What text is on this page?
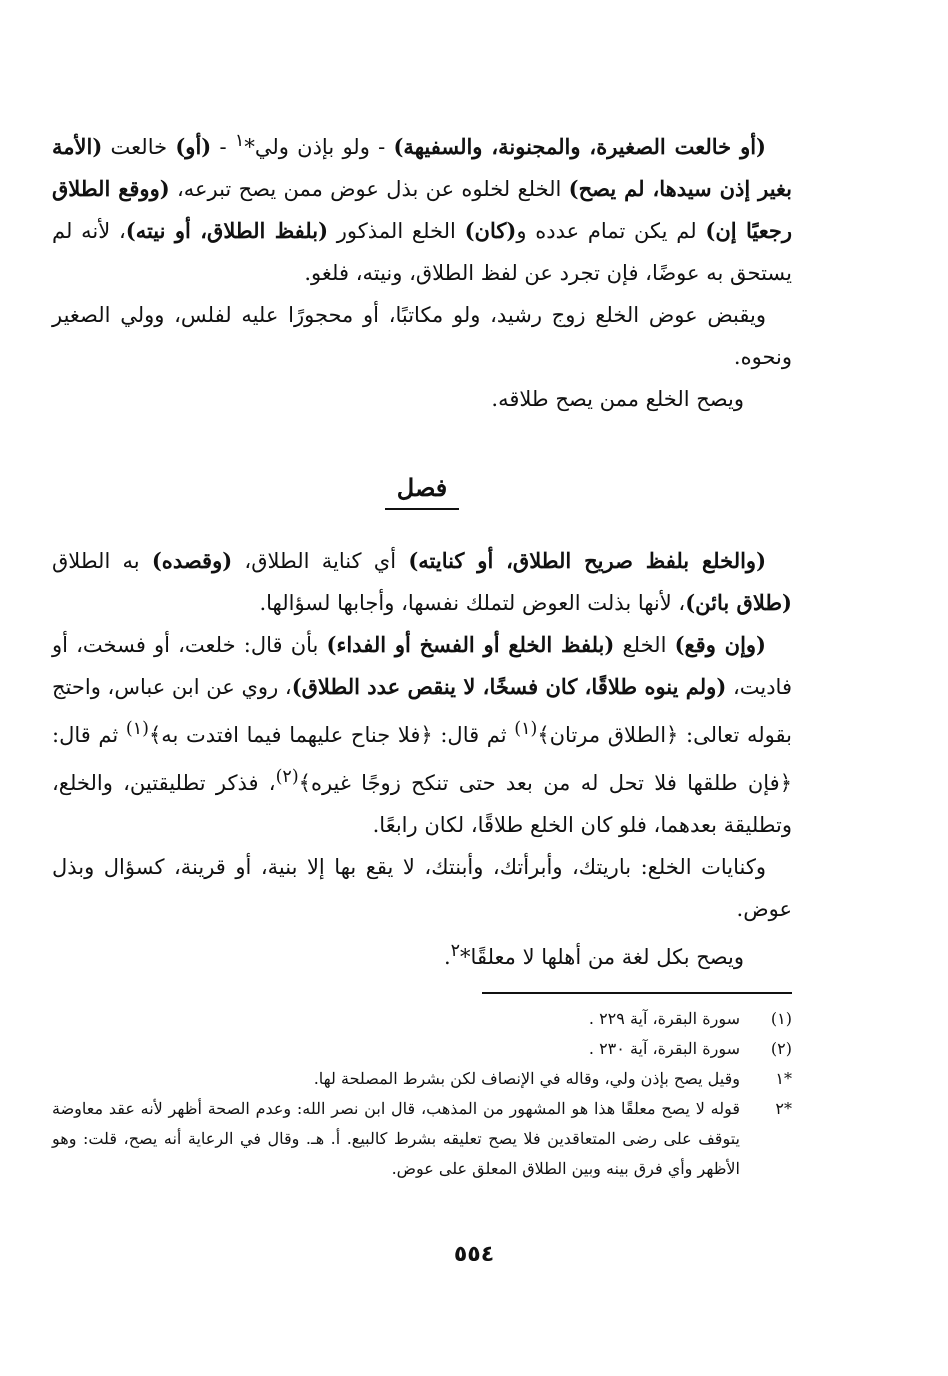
(أو خالعت الصغيرة، والمجنونة، والسفيهة) - ولو بإذن ولي*$^١$ - (أو) خالعت (الأمة بغير إذن سيدها، لم يصح) الخلع لخلوه عن بذل عوض ممن يصح تبرعه، (ووقع الطلاق رجعيًا إن) لم يكن تمام عدده و(كان) الخلع المذكور (بلفظ الطلاق، أو نيته)، لأنه لم يستحق به عوضًا، فإن تجرد عن لفظ الطلاق، ونيته، فلغو.

ويقبض عوض الخلع زوج رشيد، ولو مكاتبًا، أو محجورًا عليه لفلس، وولي الصغير ونحوه.

ويصح الخلع ممن يصح طلاقه.

فصل

(والخلع بلفظ صريح الطلاق، أو كنايته) أي كناية الطلاق، (وقصده) به الطلاق (طلاق بائن)، لأنها بذلت العوض لتملك نفسها، وأجابها لسؤالها.

(وإن وقع) الخلع (بلفظ الخلع أو الفسخ أو الفداء) بأن قال: خلعت، أو فسخت، أو فاديت، (ولم ينوه طلاقًا، كان فسخًا، لا ينقص عدد الطلاق)، روي عن ابن عباس، واحتج بقوله تعالى: ﴿الطلاق مرتان﴾$^{(١)}$ ثم قال: ﴿فلا جناح عليهما فيما افتدت به﴾$^{(١)}$ ثم قال: ﴿فإن طلقها فلا تحل له من بعد حتى تنكح زوجًا غيره﴾$^{(٢)}$، فذكر تطليقتين، والخلع، وتطليقة بعدهما، فلو كان الخلع طلاقًا، لكان رابعًا.

وكنايات الخلع: باريتك، وأبرأتك، وأبنتك، لا يقع بها إلا بنية، أو قرينة، كسؤال وبذل عوض.

ويصح بكل لغة من أهلها لا معلقًا*$^٢$.

(١)
سورة البقرة، آية ٢٢٩ .
(٢)
سورة البقرة، آية ٢٣٠ .
*١
وقيل يصح بإذن ولي، وقاله في الإنصاف لكن بشرط المصلحة لها.
*٢
قوله لا يصح معلقًا هذا هو المشهور من المذهب، قال ابن نصر الله: وعدم الصحة أظهر لأنه عقد معاوضة يتوقف على رضى المتعاقدين فلا يصح تعليقه بشرط كالبيع. أ. هـ. وقال في الرعاية أنه يصح، قلت: وهو الأظهر وأي فرق بينه وبين الطلاق المعلق على عوض.
٥٥٤
